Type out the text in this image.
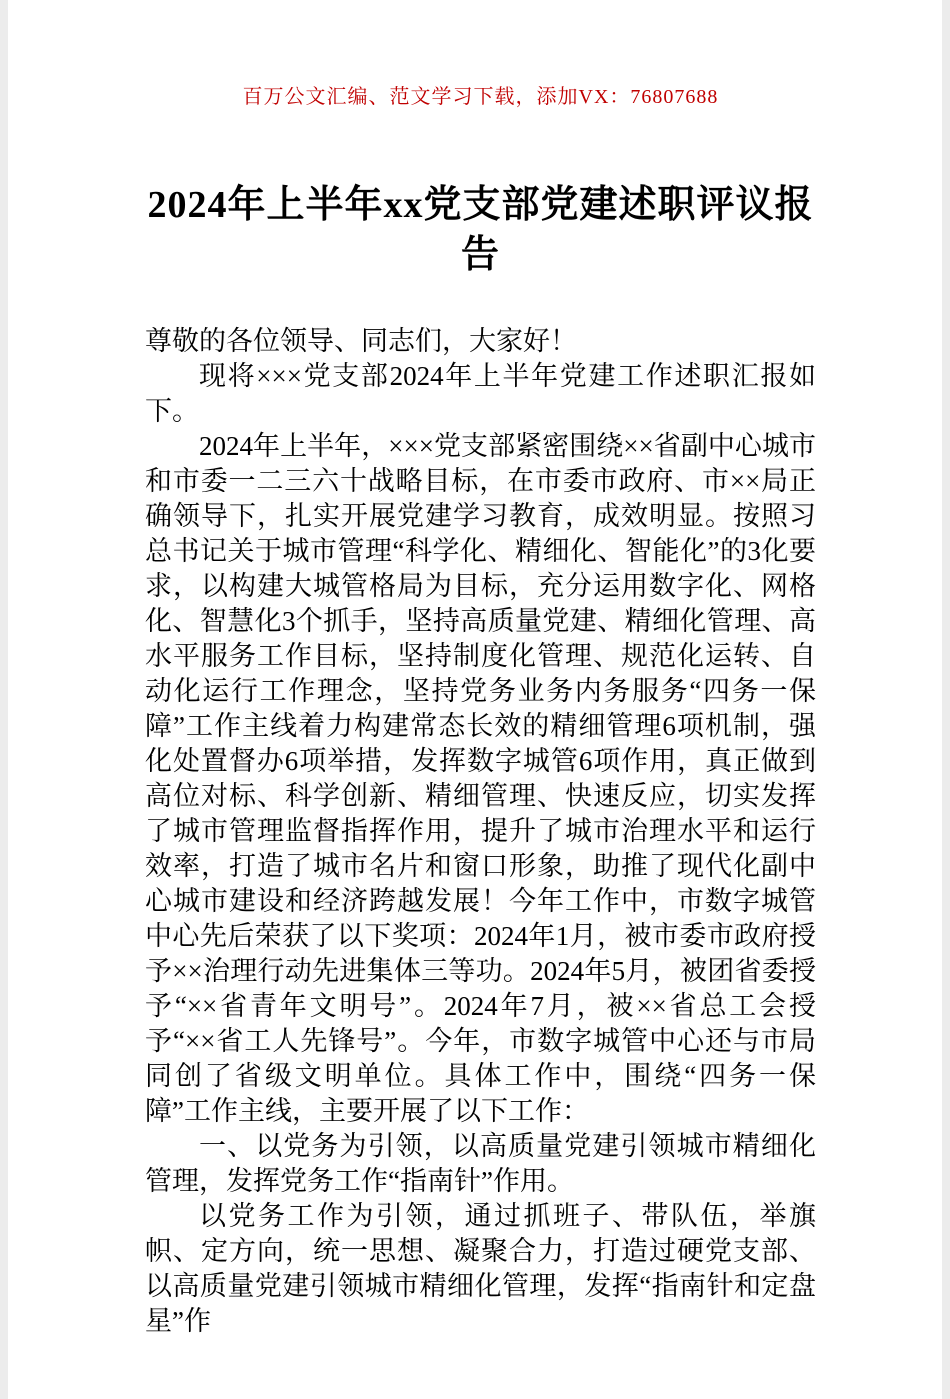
百万公文汇编、范文学习下载，添加VX：76807688
2024年上半年xx党支部党建述职评议报告

尊敬的各位领导、同志们，大家好！

现将×××党支部2024年上半年党建工作述职汇报如下。

2024年上半年，×××党支部紧密围绕××省副中心城市和市委一二三六十战略目标，在市委市政府、市××局正确领导下，扎实开展党建学习教育，成效明显。按照习总书记关于城市管理“科学化、精细化、智能化”的3化要求，以构建大城管格局为目标，充分运用数字化、网格化、智慧化3个抓手，坚持高质量党建、精细化管理、高水平服务工作目标，坚持制度化管理、规范化运转、自动化运行工作理念，坚持党务业务内务服务“四务一保障”工作主线着力构建常态长效的精细管理6项机制，强化处置督办6项举措，发挥数字城管6项作用，真正做到高位对标、科学创新、精细管理、快速反应，切实发挥了城市管理监督指挥作用，提升了城市治理水平和运行效率，打造了城市名片和窗口形象，助推了现代化副中心城市建设和经济跨越发展！今年工作中，市数字城管中心先后荣获了以下奖项：2024年1月，被市委市政府授予××治理行动先进集体三等功。2024年5月，被团省委授予“××省青年文明号”。2024年7月，被××省总工会授予“××省工人先锋号”。今年，市数字城管中心还与市局同创了省级文明单位。具体工作中，围绕“四务一保障”工作主线，主要开展了以下工作：

一、以党务为引领，以高质量党建引领城市精细化管理，发挥党务工作“指南针”作用。

以党务工作为引领，通过抓班子、带队伍，举旗帜、定方向，统一思想、凝聚合力，打造过硬党支部、以高质量党建引领城市精细化管理，发挥“指南针和定盘星”作
